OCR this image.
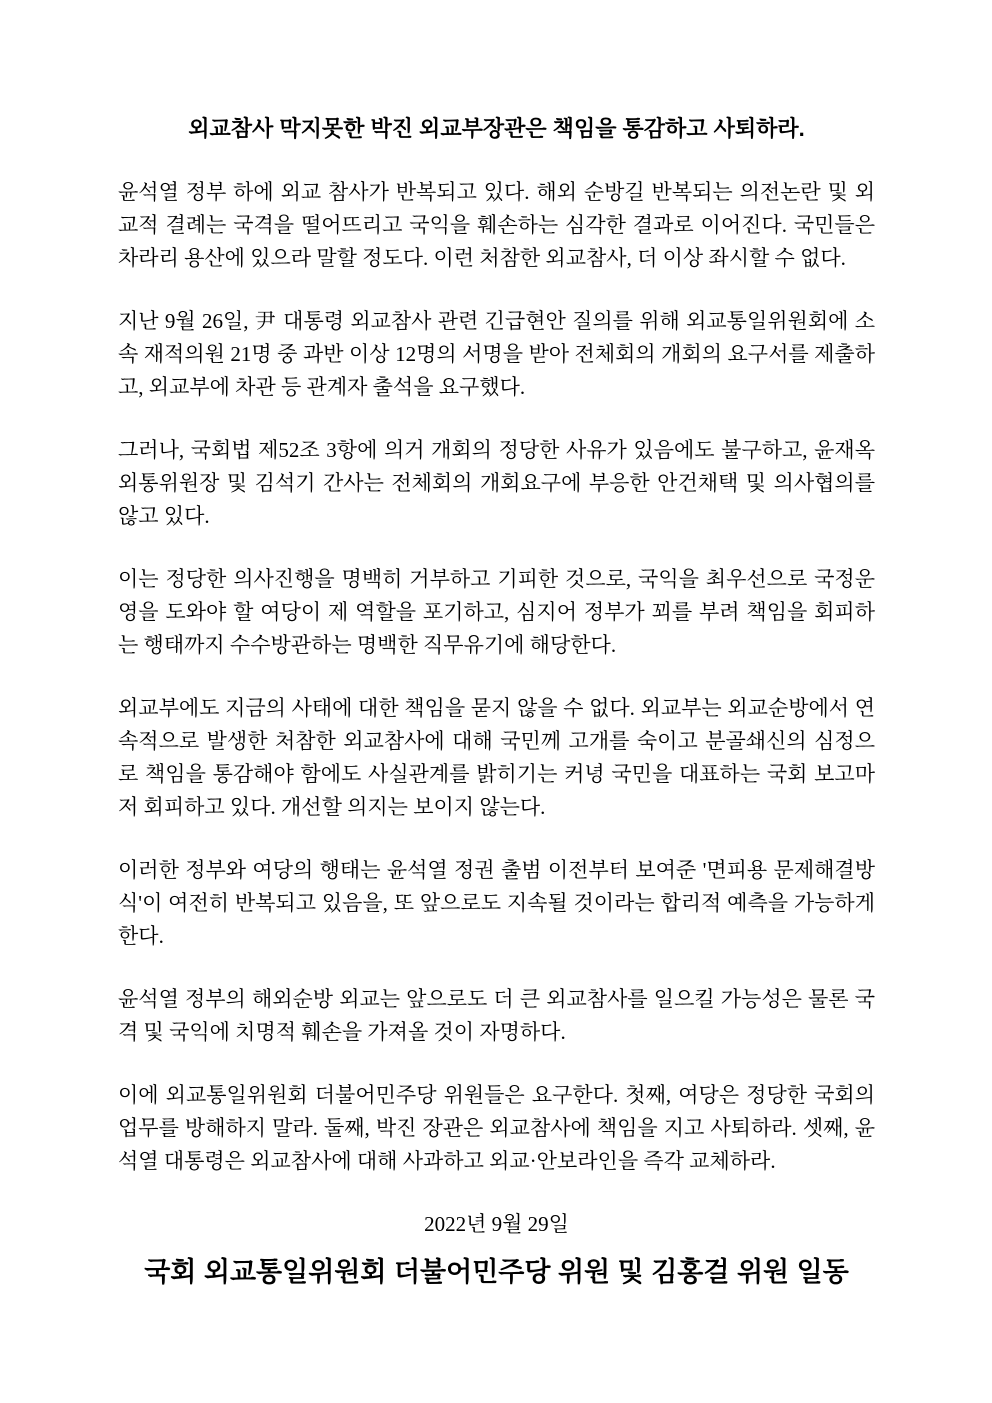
외교참사 막지못한 박진 외교부장관은 책임을 통감하고 사퇴하라.

윤석열 정부 하에 외교 참사가 반복되고 있다. 해외 순방길 반복되는 의전논란 및 외교적 결례는 국격을 떨어뜨리고 국익을 훼손하는 심각한 결과로 이어진다. 국민들은 차라리 용산에 있으라 말할 정도다. 이런 처참한 외교참사, 더 이상 좌시할 수 없다.

지난 9월 26일, 尹 대통령 외교참사 관련 긴급현안 질의를 위해 외교통일위원회에 소속 재적의원 21명 중 과반 이상 12명의 서명을 받아 전체회의 개회의 요구서를 제출하고, 외교부에 차관 등 관계자 출석을 요구했다.

그러나, 국회법 제52조 3항에 의거 개회의 정당한 사유가 있음에도 불구하고, 윤재옥 외통위원장 및 김석기 간사는 전체회의 개회요구에 부응한 안건채택 및 의사협의를 않고 있다.

이는 정당한 의사진행을 명백히 거부하고 기피한 것으로, 국익을 최우선으로 국정운영을 도와야 할 여당이 제 역할을 포기하고, 심지어 정부가 꾀를 부려 책임을 회피하는 행태까지 수수방관하는 명백한 직무유기에 해당한다.

외교부에도 지금의 사태에 대한 책임을 묻지 않을 수 없다. 외교부는 외교순방에서 연속적으로 발생한 처참한 외교참사에 대해 국민께 고개를 숙이고 분골쇄신의 심정으로 책임을 통감해야 함에도 사실관계를 밝히기는 커녕 국민을 대표하는 국회 보고마저 회피하고 있다. 개선할 의지는 보이지 않는다.

이러한 정부와 여당의 행태는 윤석열 정권 출범 이전부터 보여준 '면피용 문제해결방식'이 여전히 반복되고 있음을, 또 앞으로도 지속될 것이라는 합리적 예측을 가능하게 한다.

윤석열 정부의 해외순방 외교는 앞으로도 더 큰 외교참사를 일으킬 가능성은 물론 국격 및 국익에 치명적 훼손을 가져올 것이 자명하다.

이에 외교통일위원회 더불어민주당 위원들은 요구한다. 첫째, 여당은 정당한 국회의 업무를 방해하지 말라. 둘째, 박진 장관은 외교참사에 책임을 지고 사퇴하라. 셋째, 윤석열 대통령은 외교참사에 대해 사과하고 외교·안보라인을 즉각 교체하라.

2022년 9월 29일
국회 외교통일위원회 더불어민주당 위원 및 김홍걸 위원 일동
